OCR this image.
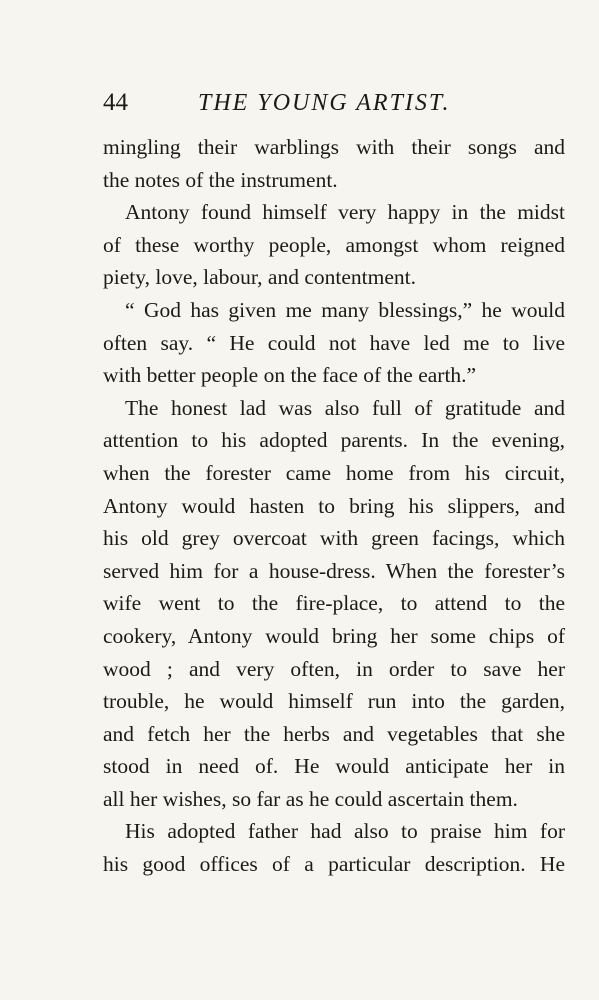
44	THE YOUNG ARTIST.
mingling their warblings with their songs and
the notes of the instrument.
Antony found himself very happy in the midst
of these worthy people, amongst whom reigned
piety, love, labour, and contentment.
“ God has given me many blessings,” he would
often say. “ He could not have led me to live
with better people on the face of the earth.”
The honest lad was also full of gratitude and
attention to his adopted parents. In the evening,
when the forester came home from his circuit,
Antony would hasten to bring his slippers, and
his old grey overcoat with green facings, which
served him for a house-dress. When the forester’s
wife went to the fire-place, to attend to the
cookery, Antony would bring her some chips of
wood ; and very often, in order to save her
trouble, he would himself run into the garden,
and fetch her the herbs and vegetables that she
stood in need of. He would anticipate her in
all her wishes, so far as he could ascertain them.
His adopted father had also to praise him for
his good offices of a particular description. He
